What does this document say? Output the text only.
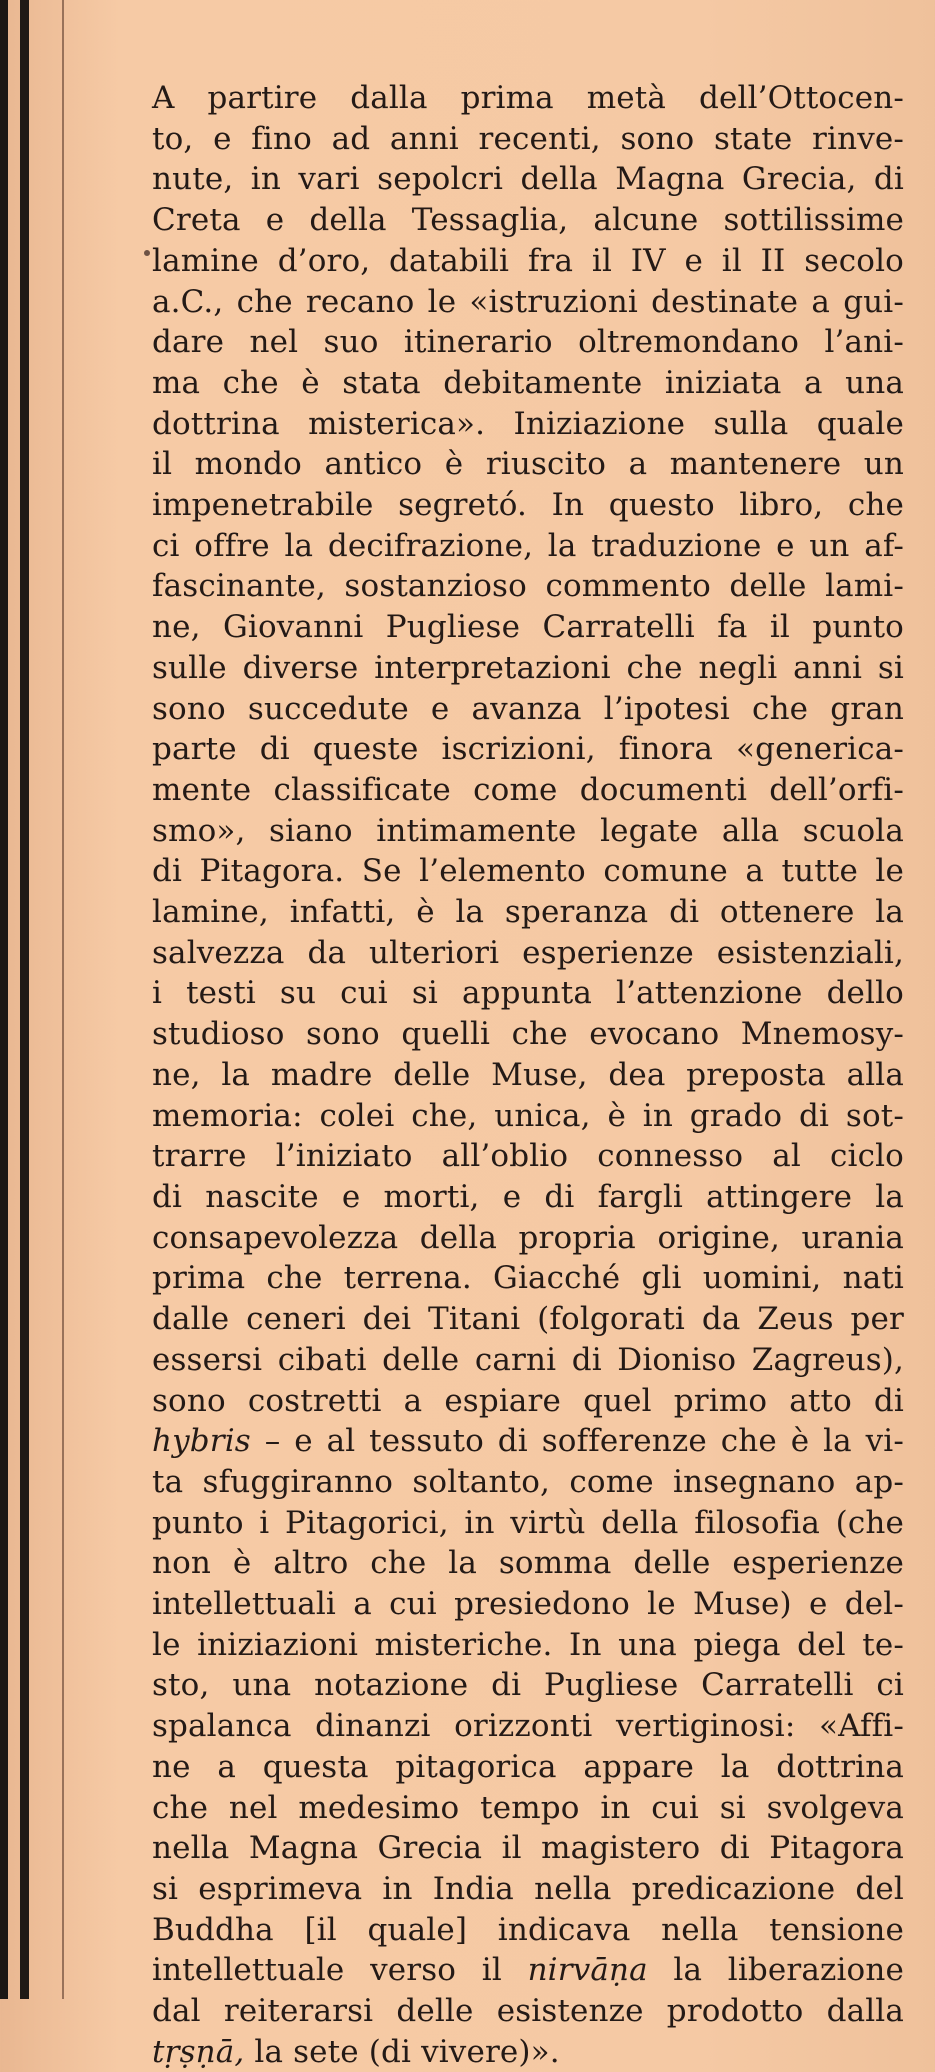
A partire dalla prima metà dell’Ottocen-
to, e fino ad anni recenti, sono state rinve-
nute, in vari sepolcri della Magna Grecia, di
Creta e della Tessaglia, alcune sottilissime
lamine d’oro, databili fra il IV e il II secolo
a.C., che recano le «istruzioni destinate a gui-
dare nel suo itinerario oltremondano l’ani-
ma che è stata debitamente iniziata a una
dottrina misterica». Iniziazione sulla quale
il mondo antico è riuscito a mantenere un
impenetrabile segretó. In questo libro, che
ci offre la decifrazione, la traduzione e un af-
fascinante, sostanzioso commento delle lami-
ne, Giovanni Pugliese Carratelli fa il punto
sulle diverse interpretazioni che negli anni si
sono succedute e avanza l’ipotesi che gran
parte di queste iscrizioni, finora «generica-
mente classificate come documenti dell’orfi-
smo», siano intimamente legate alla scuola
di Pitagora. Se l’elemento comune a tutte le
lamine, infatti, è la speranza di ottenere la
salvezza da ulteriori esperienze esistenziali,
i testi su cui si appunta l’attenzione dello
studioso sono quelli che evocano Mnemosy-
ne, la madre delle Muse, dea preposta alla
memoria: colei che, unica, è in grado di sot-
trarre l’iniziato all’oblio connesso al ciclo
di nascite e morti, e di fargli attingere la
consapevolezza della propria origine, urania
prima che terrena. Giacché gli uomini, nati
dalle ceneri dei Titani (folgorati da Zeus per
essersi cibati delle carni di Dioniso Zagreus),
sono costretti a espiare quel primo atto di
hybris – e al tessuto di sofferenze che è la vi-
ta sfuggiranno soltanto, come insegnano ap-
punto i Pitagorici, in virtù della filosofia (che
non è altro che la somma delle esperienze
intellettuali a cui presiedono le Muse) e del-
le iniziazioni misteriche. In una piega del te-
sto, una notazione di Pugliese Carratelli ci
spalanca dinanzi orizzonti vertiginosi: «Affi-
ne a questa pitagorica appare la dottrina
che nel medesimo tempo in cui si svolgeva
nella Magna Grecia il magistero di Pitagora
si esprimeva in India nella predicazione del
Buddha [il quale] indicava nella tensione
intellettuale verso il nirvāṇa la liberazione
dal reiterarsi delle esistenze prodotto dalla
tṛṣṇā, la sete (di vivere)».
